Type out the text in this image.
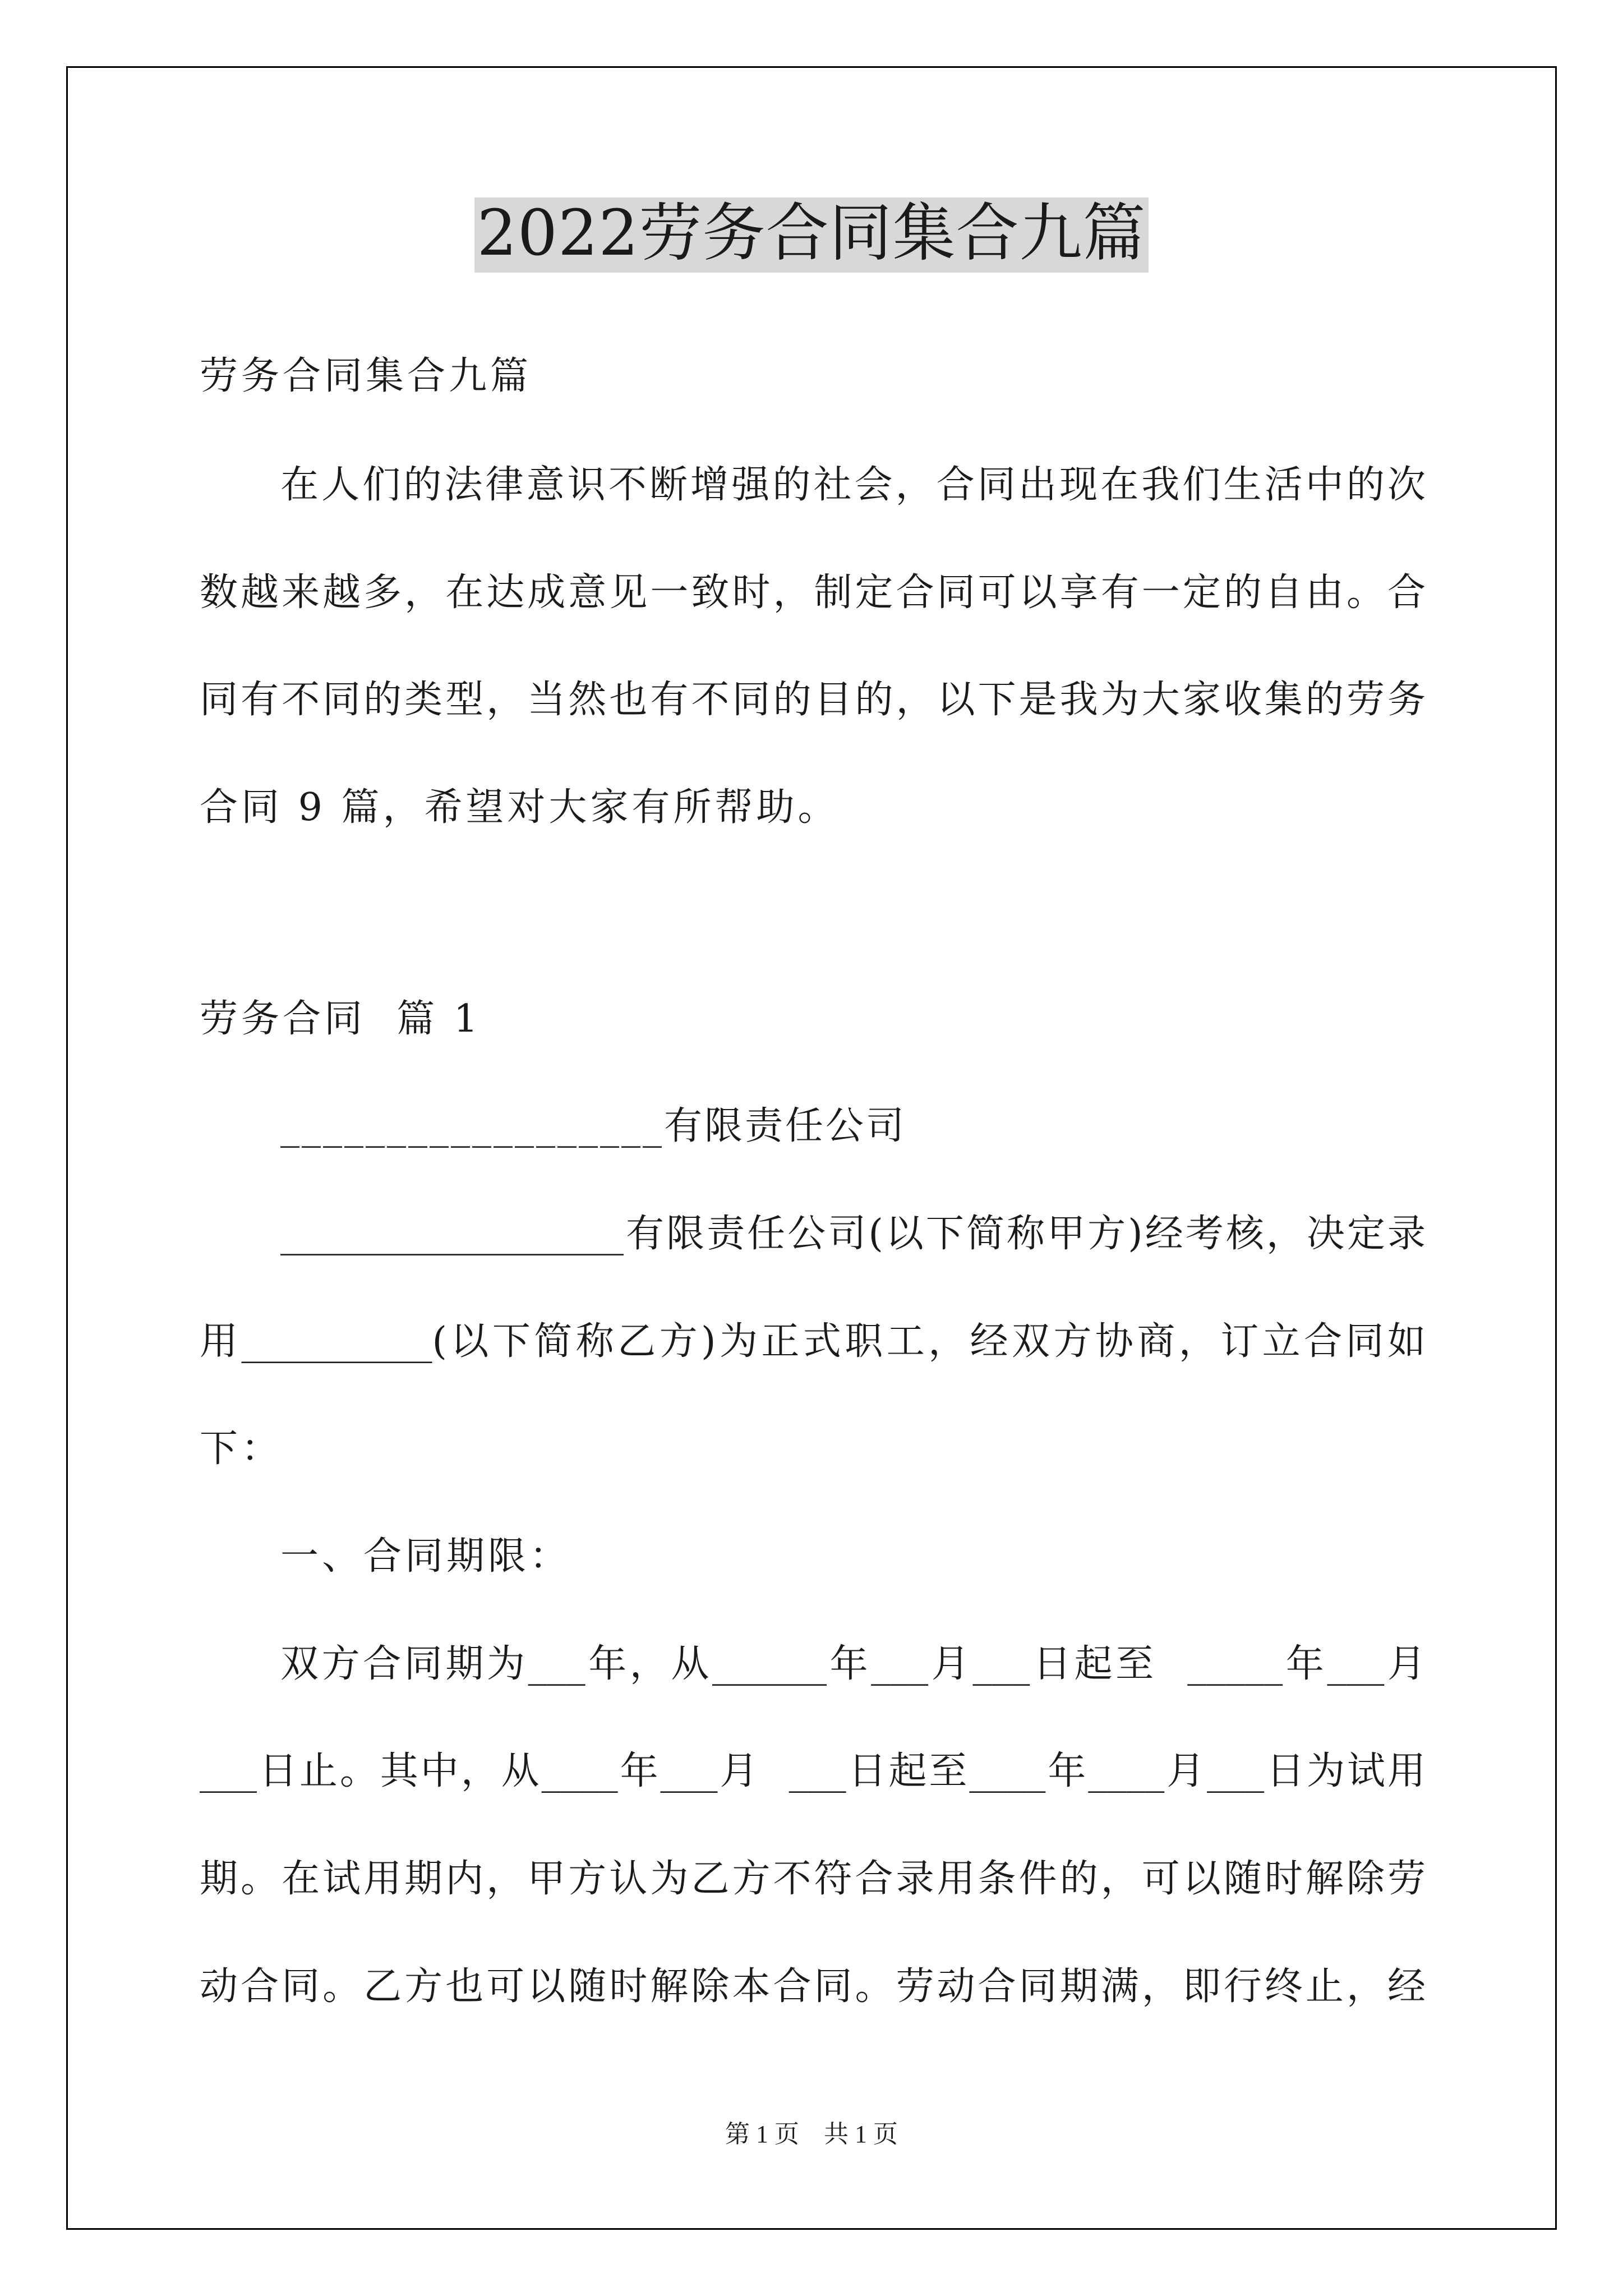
2022劳务合同集合九篇
劳务合同集合九篇
在人们的法律意识不断增强的社会，合同出现在我们生活中的次
数越来越多，在达成意见一致时，制定合同可以享有一定的自由。合
同有不同的类型，当然也有不同的目的，以下是我为大家收集的劳务
合同 9 篇，希望对大家有所帮助。
劳务合同  篇 1
__________________有限责任公司
__________________有限责任公司(以下简称甲方)经考核，决定录
用__________(以下简称乙方)为正式职工，经双方协商，订立合同如
下：
一、合同期限：
双方合同期为___年，从______年___月___日起至  _____年___月
___日止。其中，从____年___月  ___日起至____年____月___日为试用
期。在试用期内，甲方认为乙方不符合录用条件的，可以随时解除劳
动合同。乙方也可以随时解除本合同。劳动合同期满，即行终止，经
第 1 页    共 1 页
